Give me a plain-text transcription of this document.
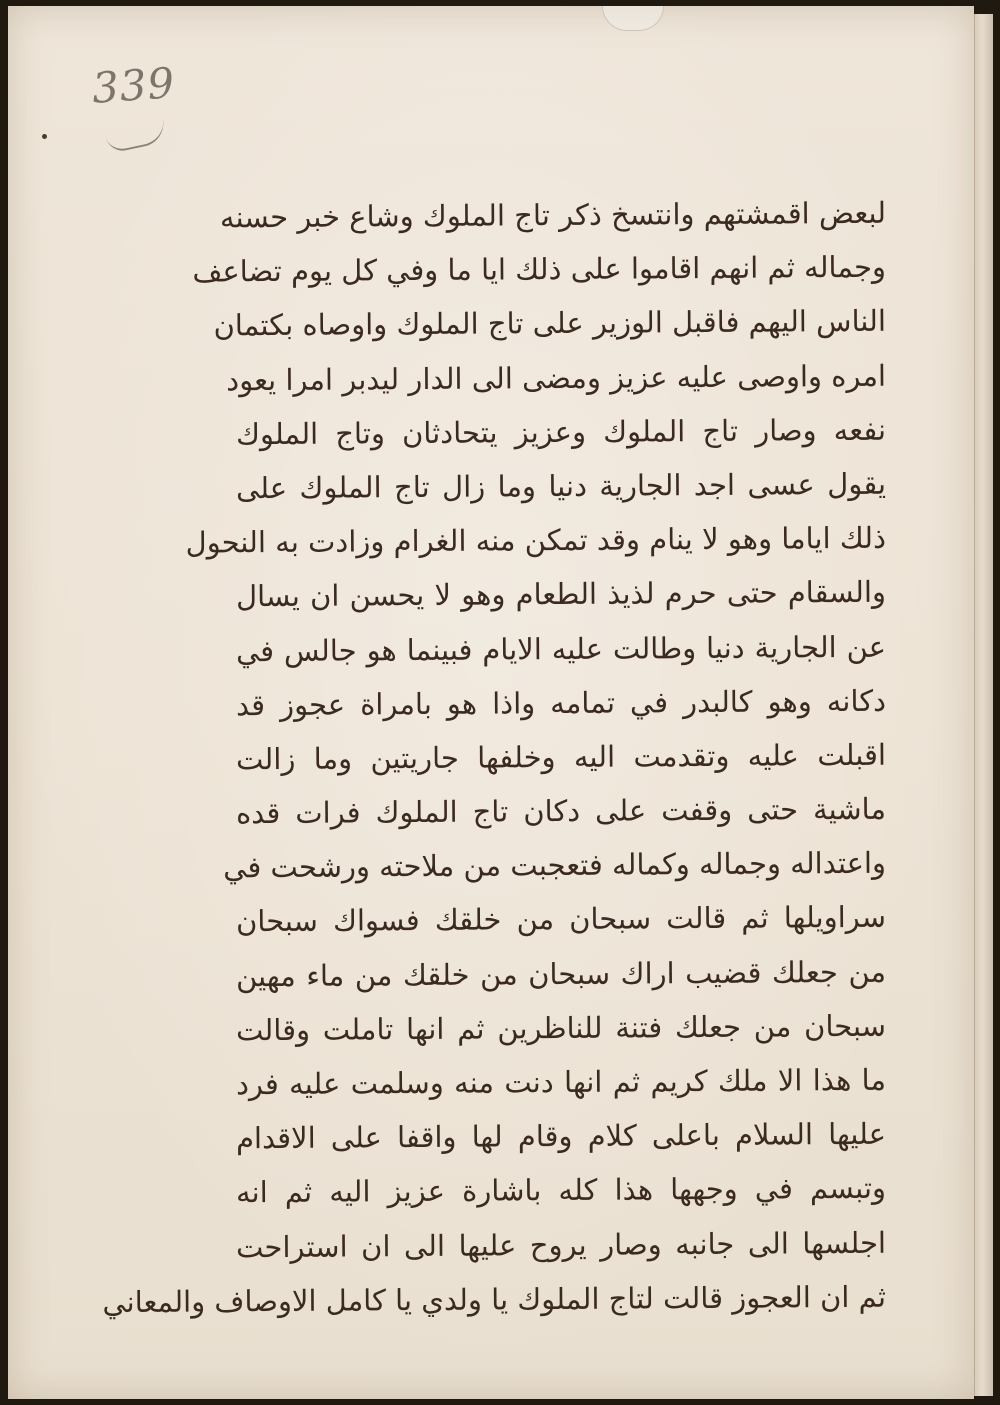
339
لبعض اقمشتهم وانتسخ ذكر تاج الملوك وشاع خبر حسنه
وجماله ثم انهم اقاموا على ذلك ايا ما وفي كل يوم تضاعف
الناس اليهم فاقبل الوزير على تاج الملوك واوصاه بكتمان
امره واوصى عليه عزيز ومضى الى الدار ليدبر امرا يعود
نفعه وصار تاج الملوك وعزيز يتحادثان وتاج الملوك
يقول عسى اجد الجارية دنيا وما زال تاج الملوك على
ذلك اياما وهو لا ينام وقد تمكن منه الغرام وزادت به النحول
والسقام حتى حرم لذيذ الطعام وهو لا يحسن ان يسال
عن الجارية دنيا وطالت عليه الايام فبينما هو جالس في
دكانه وهو كالبدر في تمامه واذا هو بامراة عجوز قد
اقبلت عليه وتقدمت اليه وخلفها جاريتين وما زالت
ماشية حتى وقفت على دكان تاج الملوك فرات قده
واعتداله وجماله وكماله فتعجبت من ملاحته ورشحت في
سراويلها ثم قالت سبحان من خلقك فسواك سبحان
من جعلك قضيب اراك سبحان من خلقك من ماء مهين
سبحان من جعلك فتنة للناظرين ثم انها تاملت وقالت
ما هذا الا ملك كريم ثم انها دنت منه وسلمت عليه فرد
عليها السلام باعلى كلام وقام لها واقفا على الاقدام
وتبسم في وجهها هذا كله باشارة عزيز اليه ثم انه
اجلسها الى جانبه وصار يروح عليها الى ان استراحت
ثم ان العجوز قالت لتاج الملوك يا ولدي يا كامل الاوصاف والمعاني
